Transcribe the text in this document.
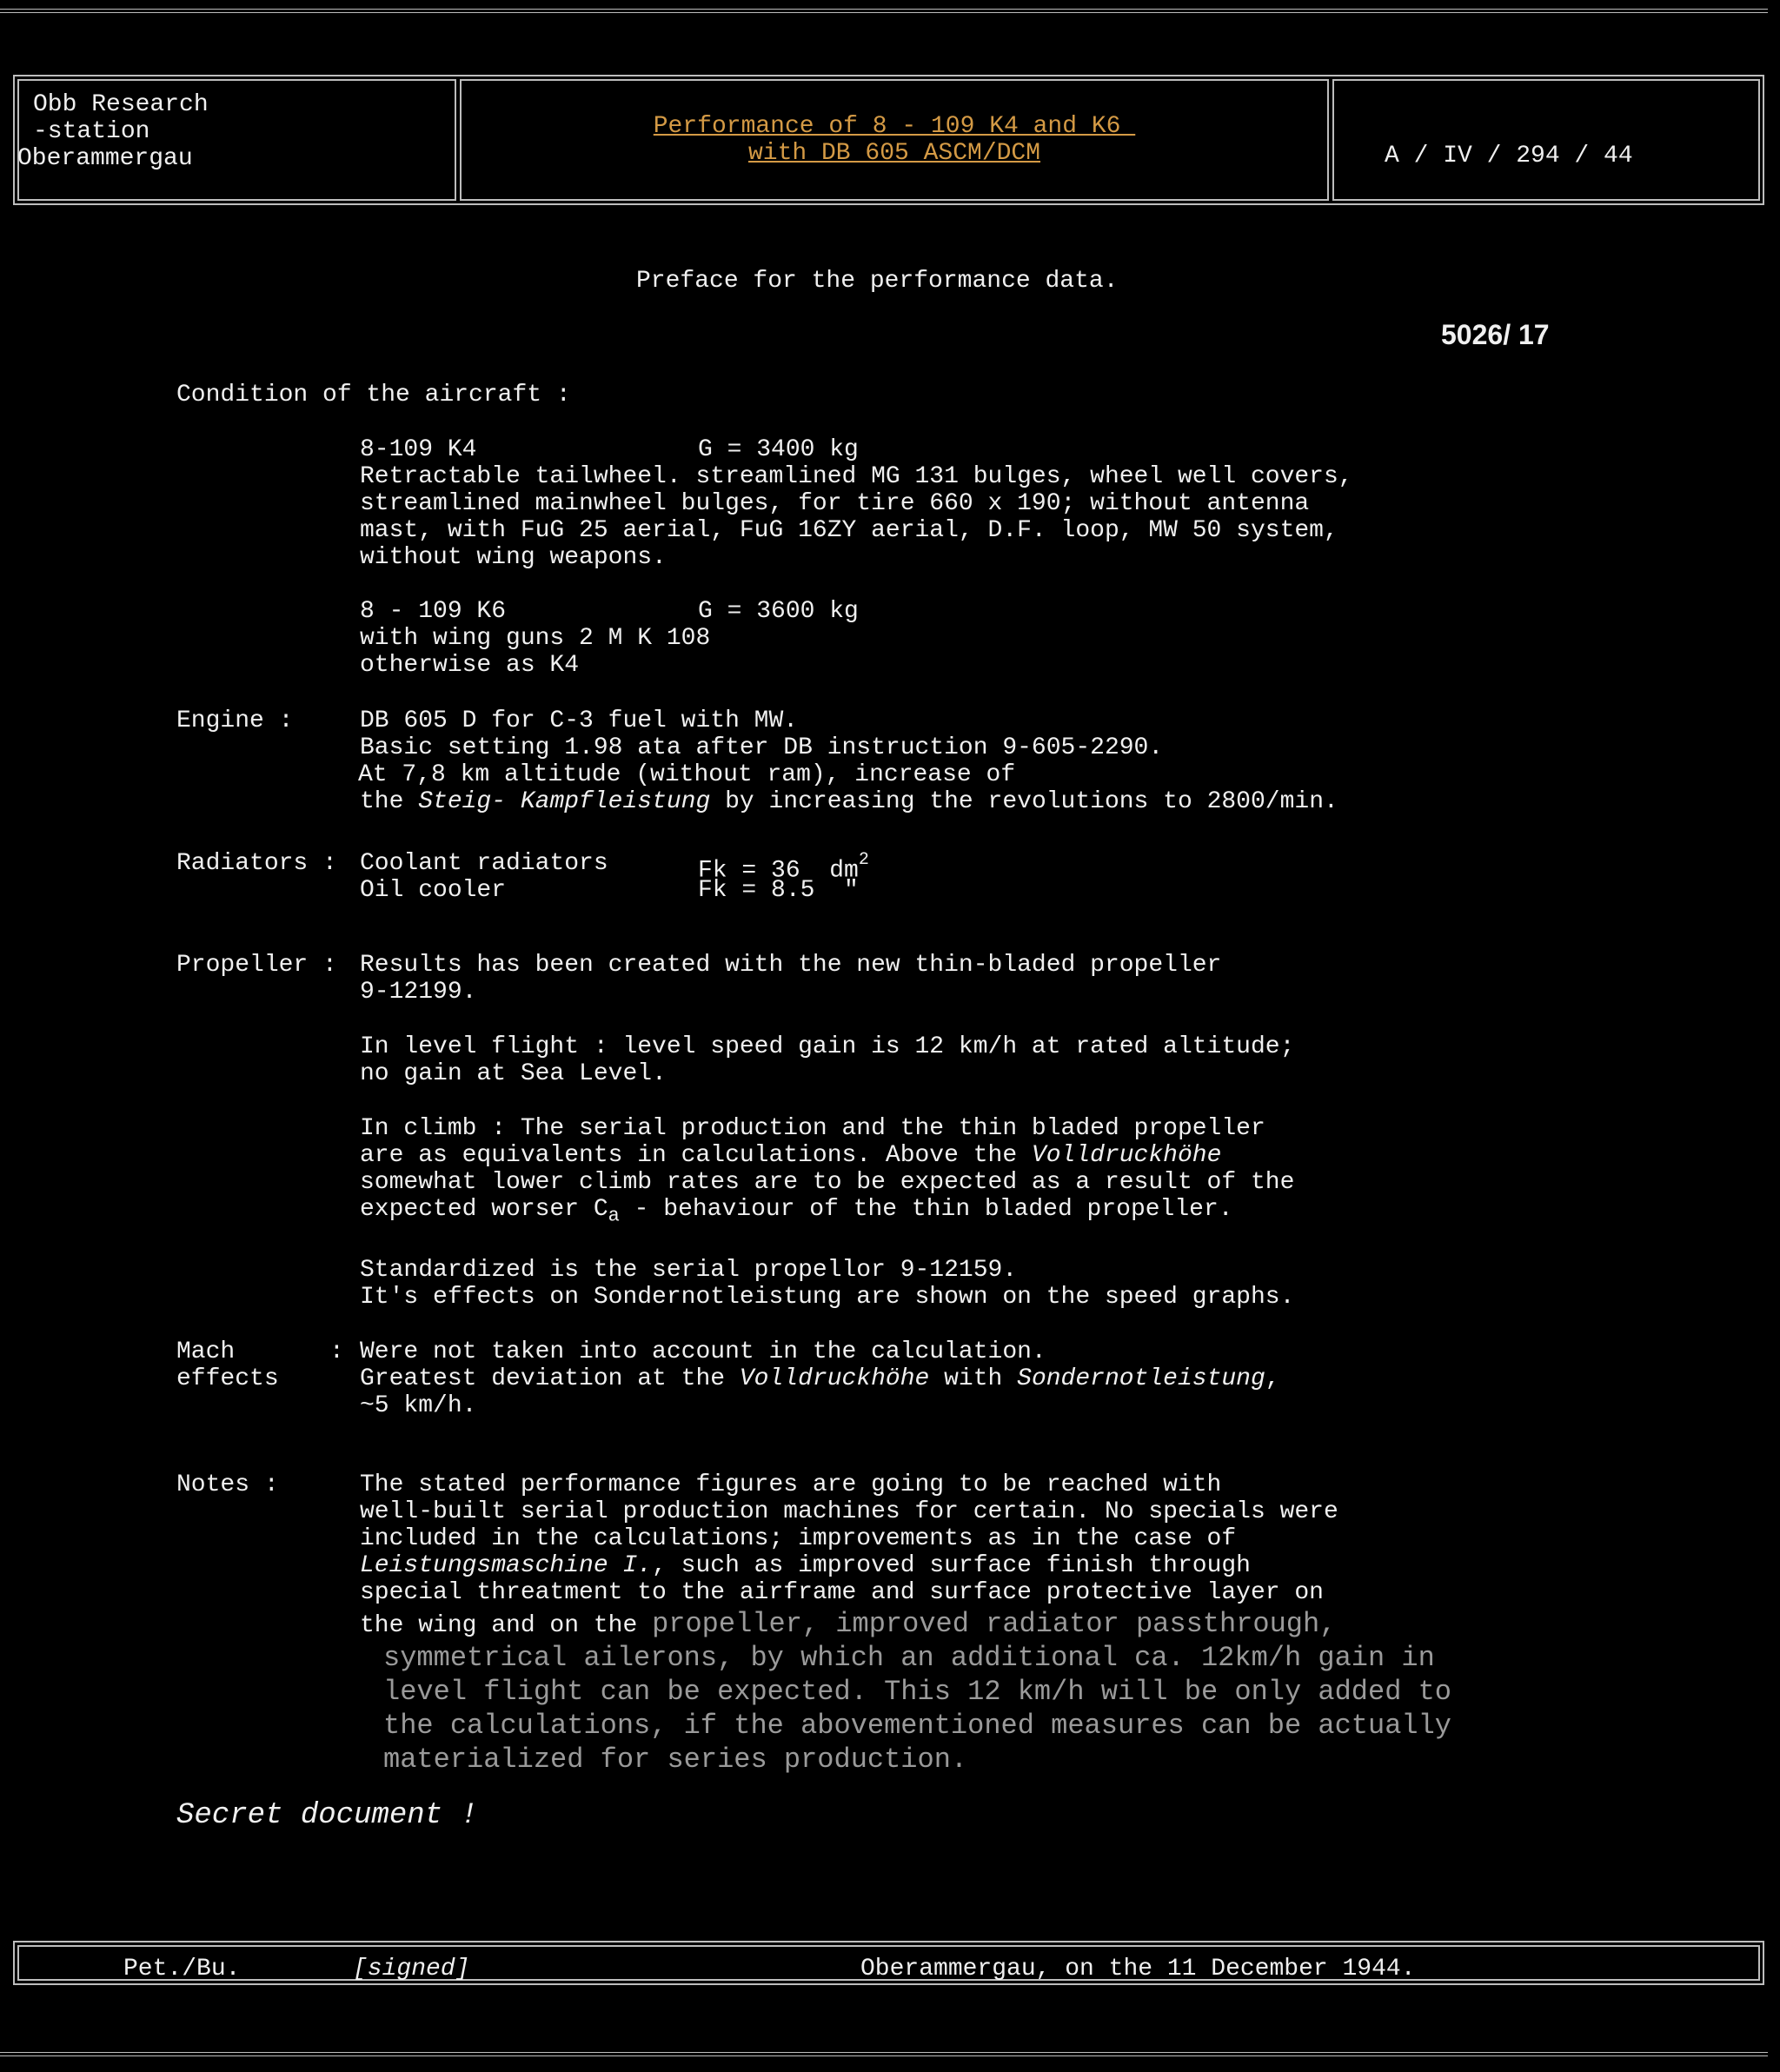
Obb Research
-station
Oberammergau
Performance of 8 - 109 K4 and K6
with DB 605 ASCM/DCM	A / IV / 294 / 44
Preface for the performance data.
5026/ 17
Condition of the aircraft :
8-109 K4	G = 3400 kg
Retractable tailwheel. streamlined MG 131 bulges, wheel well covers,
streamlined mainwheel bulges, for tire 660 x 190; without antenna
mast, with FuG 25 aerial, FuG 16ZY aerial, D.F. loop, MW 50 system,
without wing weapons.
8 - 109 K6	G = 3600 kg
with wing guns 2 M K 108
otherwise as K4
Engine :	DB 605 D for C-3 fuel with MW.
Basic setting 1.98 ata after DB instruction 9-605-2290.
At 7,8 km altitude (without ram), increase of
the Steig- Kampfleistung by increasing the revolutions to 2800/min.
Radiators : Coolant radiators	Fk = 36  $dm^2$
Oil cooler	Fk = 8.5  "
Propeller : Results has been created with the new thin-bladed propeller
9-12199.
In level flight : level speed gain is 12 km/h at rated altitude;
no gain at Sea Level.
In climb : The serial production and the thin bladed propeller
are as equivalents in calculations. Above the Volldruckhöhe
somewhat lower climb rates are to be expected as a result of the
expected worser $C_a$ - behaviour of the thin bladed propeller.
Standardized is the serial propellor 9-12159.
It's effects on Sondernotleistung are shown on the speed graphs.
Mach	:
effects
Were not taken into account in the calculation.
Greatest deviation at the Volldruckhöhe with Sondernotleistung,
~5 km/h.
Notes :	The stated performance figures are going to be reached with
well-built serial production machines for certain. No specials were
included in the calculations; improvements as in the case of
Leistungsmaschine I., such as improved surface finish through
special threatment to the airframe and surface protective layer on
the wing and on the propeller, improved radiator passthrough,
symmetrical ailerons, by which an additional ca. 12km/h gain in
level flight can be expected. This 12 km/h will be only added to
the calculations, if the abovementioned measures can be actually
materialized for series production.
Secret document !
Pet./Bu.	[signed]	Oberammergau, on the 11 December 1944.
